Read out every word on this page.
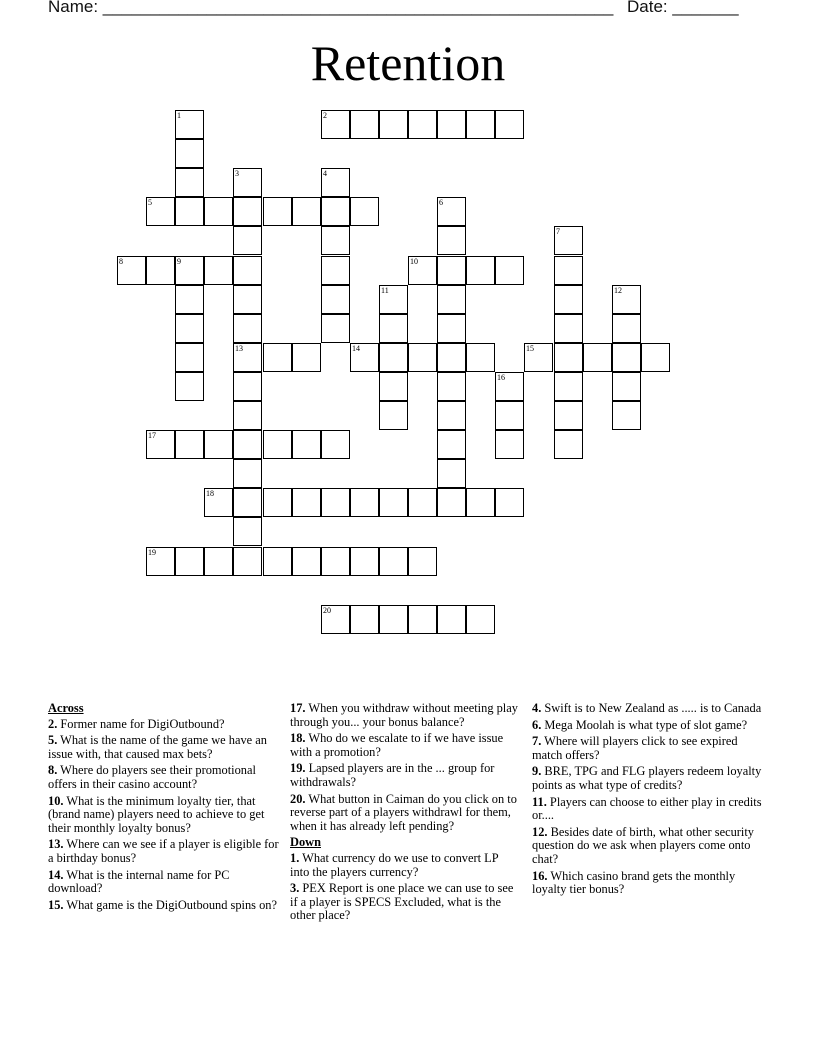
Name: ______________________________________________________ Date: _______
Retention
1	2
3	4
5	6
7
8	9	10
11	12
13	14	15
16
17
18
19
20
Across
2. Former name for DigiOutbound?
5. What is the name of the game we have an issue with, that caused max bets?
8. Where do players see their promotional offers in their casino account?
10. What is the minimum loyalty tier, that (brand name) players need to achieve to get their monthly loyalty bonus?
13. Where can we see if a player is eligible for a birthday bonus?
14. What is the internal name for PC download?
15. What game is the DigiOutbound spins on?
17. When you withdraw without meeting play through you... your bonus balance?
18. Who do we escalate to if we have issue with a promotion?
19. Lapsed players are in the ... group for withdrawals?
20. What button in Caiman do you click on to reverse part of a players withdrawl for them, when it has already left pending?
Down
1. What currency do we use to convert LP into the players currency?
3. PEX Report is one place we can use to see if a player is SPECS Excluded, what is the other place?
4. Swift is to New Zealand as ..... is to Canada
6. Mega Moolah is what type of slot game?
7. Where will players click to see expired match offers?
9. BRE, TPG and FLG players redeem loyalty points as what type of credits?
11. Players can choose to either play in credits or....
12. Besides date of birth, what other security question do we ask when players come onto chat?
16. Which casino brand gets the monthly loyalty tier bonus?
